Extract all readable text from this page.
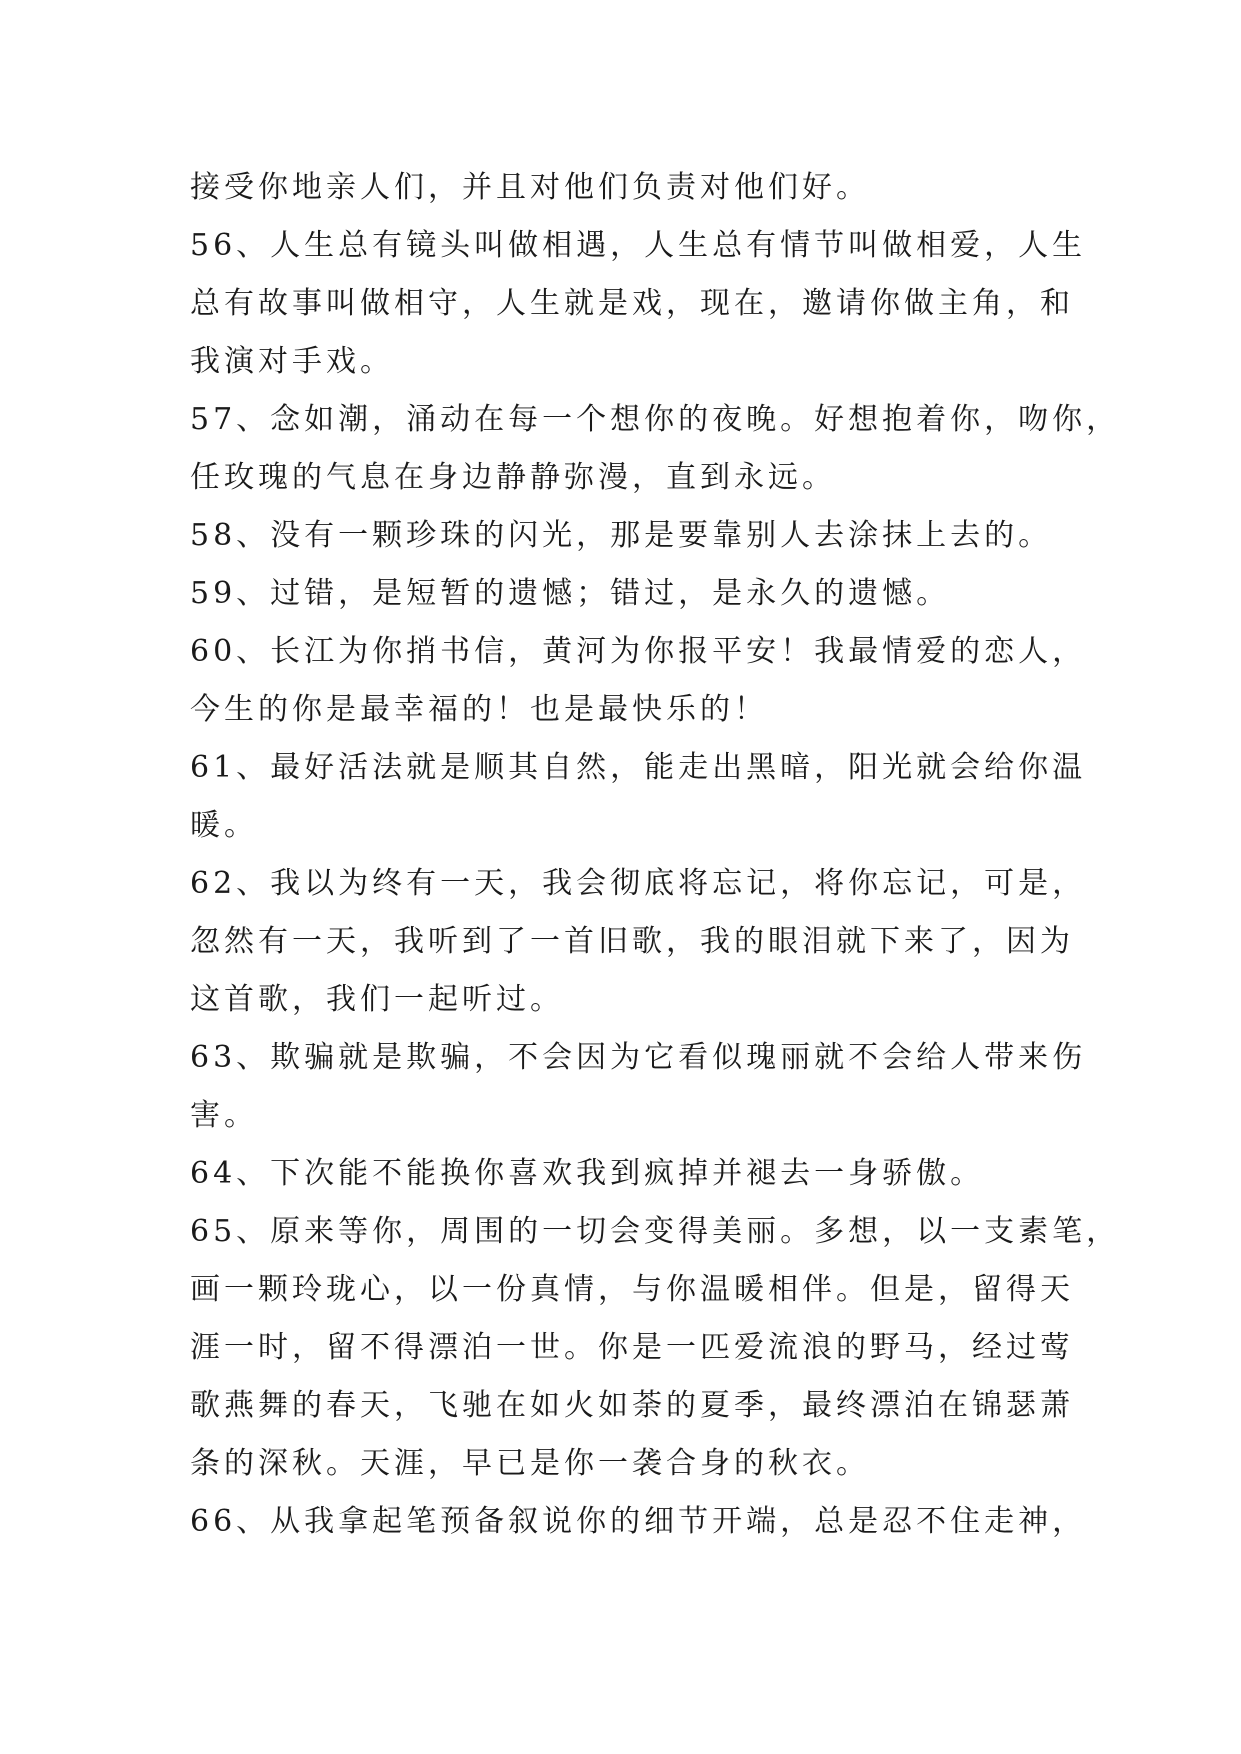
接受你地亲人们，并且对他们负责对他们好。
56、人生总有镜头叫做相遇，人生总有情节叫做相爱，人生
总有故事叫做相守，人生就是戏，现在，邀请你做主角，和
我演对手戏。
57、念如潮，涌动在每一个想你的夜晚。好想抱着你，吻你，
任玫瑰的气息在身边静静弥漫，直到永远。
58、没有一颗珍珠的闪光，那是要靠别人去涂抹上去的。
59、过错，是短暂的遗憾；错过，是永久的遗憾。
60、长江为你捎书信，黄河为你报平安！我最情爱的恋人，
今生的你是最幸福的！也是最快乐的！
61、最好活法就是顺其自然，能走出黑暗，阳光就会给你温
暖。
62、我以为终有一天，我会彻底将忘记，将你忘记，可是，
忽然有一天，我听到了一首旧歌，我的眼泪就下来了，因为
这首歌，我们一起听过。
63、欺骗就是欺骗，不会因为它看似瑰丽就不会给人带来伤
害。
64、下次能不能换你喜欢我到疯掉并褪去一身骄傲。
65、原来等你，周围的一切会变得美丽。多想，以一支素笔，
画一颗玲珑心，以一份真情，与你温暖相伴。但是，留得天
涯一时，留不得漂泊一世。你是一匹爱流浪的野马，经过莺
歌燕舞的春天，飞驰在如火如荼的夏季，最终漂泊在锦瑟萧
条的深秋。天涯，早已是你一袭合身的秋衣。
66、从我拿起笔预备叙说你的细节开端，总是忍不住走神，
